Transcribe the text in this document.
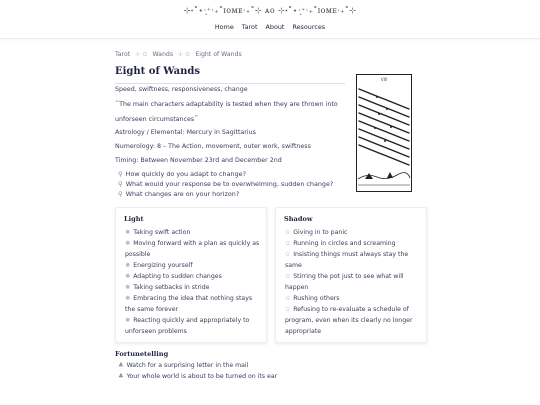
⊹˖˚⋆·͙⁺‧₊˚ɪᴏᴍᴇ‧₊˚⊹ ᴀᴏ ⊹˖˚⋆·͙⁺‧₊˚ɪᴏᴍᴇ‧₊˚⊹
Home Tarot About Resources
Tarot ⊹ ✩ Wands ⊹ ✩ Eight of Wands
Eight of Wands
Speed, swiftness, responsiveness, change
“The main characters adaptability is tested when they are thrown into unforseen circumstances”
Astrology / Elemental: Mercury in Sagittarius
Numerology: 8 – The Action, movement, outer work, swiftness
Timing: Between November 23rd and December 2nd
⚲ How quickly do you adapt to change?
⚲ What would your response be to overwhelming, sudden change?
⚲ What changes are on your horizon?
VIII
Light
✺ Taking swift action
✺ Moving forward with a plan as quickly as possible
✺ Energizing yourself
✺ Adapting to sudden changes
✺ Taking setbacks in stride
✺ Embracing the idea that nothing stays the same forever
✺ Reacting quickly and appropriately to unforseen problems
Shadow
✩ Giving in to panic
✩ Running in circles and screaming
✩ Insisting things must always stay the same
✩ Stirring the pot just to see what will happen
✩ Rushing others
✩ Refusing to re-evaluate a schedule of program, even when its clearly no longer appropriate
Fortunetelling
♣ Watch for a surprising letter in the mail
♣ Your whole world is about to be turned on its ear
